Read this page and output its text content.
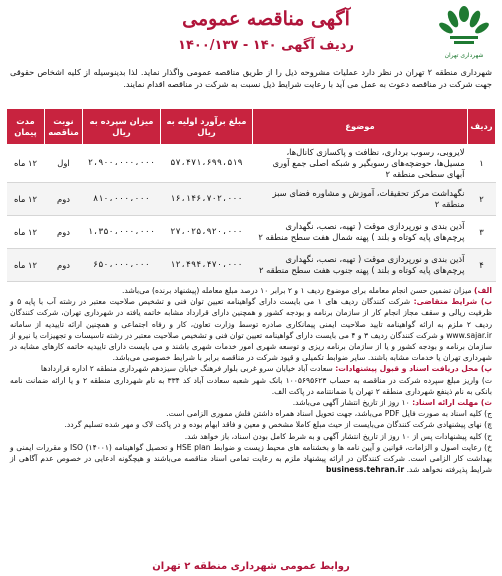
آگهی مناقصه عمومی
ردیف آگهی ۱۴۰ - ۱۴۰۰/۱۳۷
شهرداری تهران
شهرداری منطقه ۲ تهران در نظر دارد عملیات مشروحه ذیل را از طریق مناقصه عمومی واگذار نماید. لذا بدینوسیله از کلیه اشخاص حقوقی جهت شرکت در مناقصه دعوت به عمل می آید با رعایت شرایط ذیل نسبت به شرکت در مناقصه اقدام نمایند.
ردیف	موضوع	مبلغ برآورد اولیه به ریال	میزان سپرده به ریال	نوبت مناقصه	مدت پیمان
۱	لایروبی، رسوب برداری، نظافت و پاکسازی کانال‌ها، مسیل‌ها، حوضچه‌های رسوبگیر و شبکه اصلی جمع آوری آبهای سطحی منطقه ۲	۵۷،۴۷۱،۶۹۹،۵۱۹	۲،۹۰۰،۰۰۰،۰۰۰	اول	۱۲ ماه
۲	نگهداشت مرکز تحقیقات، آموزش و مشاوره فضای سبز منطقه ۲	۱۶،۱۴۶،۷۰۲،۰۰۰	۸۱۰،۰۰۰،۰۰۰	دوم	۱۲ ماه
۳	آذین بندی و نورپردازی موقت ( تهیه، نصب، نگهداری پرچم‌های پایه کوتاه و بلند ) پهنه شمال هفت سطح منطقه ۲	۲۷،۰۲۵،۹۲۰،۰۰۰	۱،۳۵۰،۰۰۰،۰۰۰	دوم	۱۲ ماه
۴	آذین بندی و نورپردازی موقت ( تهیه، نصب، نگهداری پرچم‌های پایه کوتاه و بلند ) پهنه جنوب هفت سطح منطقه ۲	۱۲،۴۹۴،۴۷۰،۰۰۰	۶۵۰،۰۰۰،۰۰۰	دوم	۱۲ ماه

الف) میزان تضمین حسن انجام معامله برای موضوع ردیف ۱ و ۲ برابر ۱۰ درصد مبلغ معامله (پیشنهاد برنده) می‌باشد.

ب) شرایط متقاضی: شرکت کنندگان ردیف های ۱ می بایست دارای گواهینامه تعیین توان فنی و تشخیص صلاحیت معتبر در رشته آب با پایه ۵ و ظرفیت ریالی و سقف مجاز انجام کار از سازمان برنامه و بودجه کشور و همچنین دارای قرارداد مشابه خاتمه یافته در شهرداری تهران، شرکت کنندگان ردیف ۲ ملزم به ارائه گواهینامه تایید صلاحیت ایمنی پیمانکاری صادره توسط وزارت تعاون، کار و رفاه اجتماعی و همچنین ارائه تاییدیه از سامانه www.sajar.ir و شرکت کنندگان ردیف ۳ و ۴ می بایست دارای گواهینامه تعیین توان فنی و تشخیص صلاحیت معتبر در رشته تاسیسات و تجهیزات یا نیرو از سازمان برنامه و بودجه کشور و یا از سازمان برنامه ریزی و توسعه شهری امور خدمات شهری باشند و می بایست دارای تاییدیه خاتمه کارهای مشابه در شهرداری تهران یا خدمات مشابه باشند. سایر ضوابط تکمیلی و قیود شرکت در مناقصه برابر با شرایط خصوصی می‌باشد.

پ) محل دریافت اسناد و قبول پیشنهادات: سعادت آباد خیابان سرو غربی بلوار فرهنگ خیابان سیزدهم شهرداری منطقه ۲ اداره قراردادها

ت) واریز مبلغ سپرده شرکت در مناقصه به حساب ۱۰۰۵۶۹۵۶۲۳ بانک شهر شعبه سعادت آباد کد ۳۳۴ به نام شهرداری منطقه ۲ و یا ارائه ضمانت نامه بانکی به نام ذینفع شهرداری منطقه ۲ تهران یا ضمانتنامه در پاکت الف.

ث) مهلت ارائه اسناد: ۱۰ روز از تاریخ انتشار آگهی می‌باشد.

ج) کلیه اسناد به صورت فایل PDF می‌باشد، جهت تحویل اسناد همراه داشتن فلش مموری الزامی است.

چ) نهای پیشنهادی شرکت کنندگان می‌بایست از حیث مبلغ کاملا مشخص و معین و فاقد ابهام بوده و در پاکت لاک و مهر شده تسلیم گردد.

ح) کلیه پیشنهادات پس از ۱۰ روز از تاریخ انتشار آگهی و به شرط کامل بودن اسناد، باز خواهد شد.

خ) رعایت اصول و الزامات، قوانین و آیین نامه ها و بخشنامه های محیط زیست و ضوابط HSE plan و تحصیل گواهینامه ISO (۱۴۰۰۱) و مقررات ایمنی و بهداشت کار الزامی است. شرکت کنندگان در ارائه پیشنهاد ملزم به رعایت تمامی اسناد مناقصه می‌باشند و هیچگونه ادعایی در خصوص عدم آگاهی از شرایط پذیرفته نخواهد شد. business.tehran.ir

روابط عمومی شهرداری منطقه ۲ تهران
